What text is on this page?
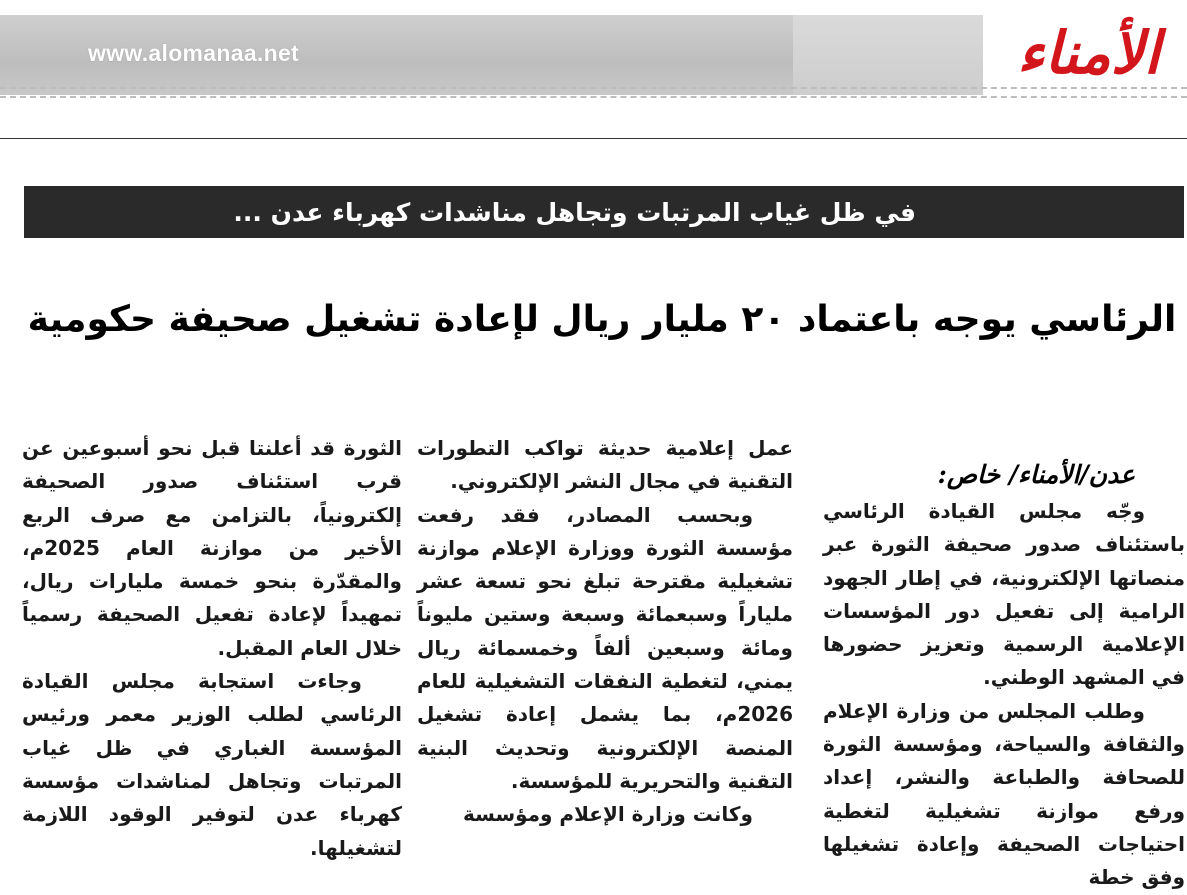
www.alomanaa.net	الأمناء
في ظل غياب المرتبات وتجاهل مناشدات كهرباء عدن ...
الرئاسي يوجه باعتماد ٢٠ مليار ريال لإعادة تشغيل صحيفة حكومية

عدن/الأمناء/ خاص:

وجّه مجلس القيادة الرئاسي باستئناف صدور صحيفة الثورة عبر منصاتها الإلكترونية، في إطار الجهود الرامية إلى تفعيل دور المؤسسات الإعلامية الرسمية وتعزيز حضورها في المشهد الوطني.

وطلب المجلس من وزارة الإعلام والثقافة والسياحة، ومؤسسة الثورة للصحافة والطباعة والنشر، إعداد ورفع موازنة تشغيلية لتغطية احتياجات الصحيفة وإعادة تشغيلها وفق خطة

عمل إعلامية حديثة تواكب التطورات التقنية في مجال النشر الإلكتروني.

وبحسب المصادر، فقد رفعت مؤسسة الثورة ووزارة الإعلام موازنة تشغيلية مقترحة تبلغ نحو تسعة عشر ملياراً وسبعمائة وسبعة وستين مليوناً ومائة وسبعين ألفاً وخمسمائة ريال يمني، لتغطية النفقات التشغيلية للعام 2026م، بما يشمل إعادة تشغيل المنصة الإلكترونية وتحديث البنية التقنية والتحريرية للمؤسسة.

وكانت وزارة الإعلام ومؤسسة

الثورة قد أعلنتا قبل نحو أسبوعين عن قرب استئناف صدور الصحيفة إلكترونياً، بالتزامن مع صرف الربع الأخير من موازنة العام 2025م، والمقدّرة بنحو خمسة مليارات ريال، تمهيداً لإعادة تفعيل الصحيفة رسمياً خلال العام المقبل.

وجاءت استجابة مجلس القيادة الرئاسي لطلب الوزير معمر ورئيس المؤسسة الغباري في ظل غياب المرتبات وتجاهل لمناشدات مؤسسة كهرباء عدن لتوفير الوقود اللازمة لتشغيلها.
